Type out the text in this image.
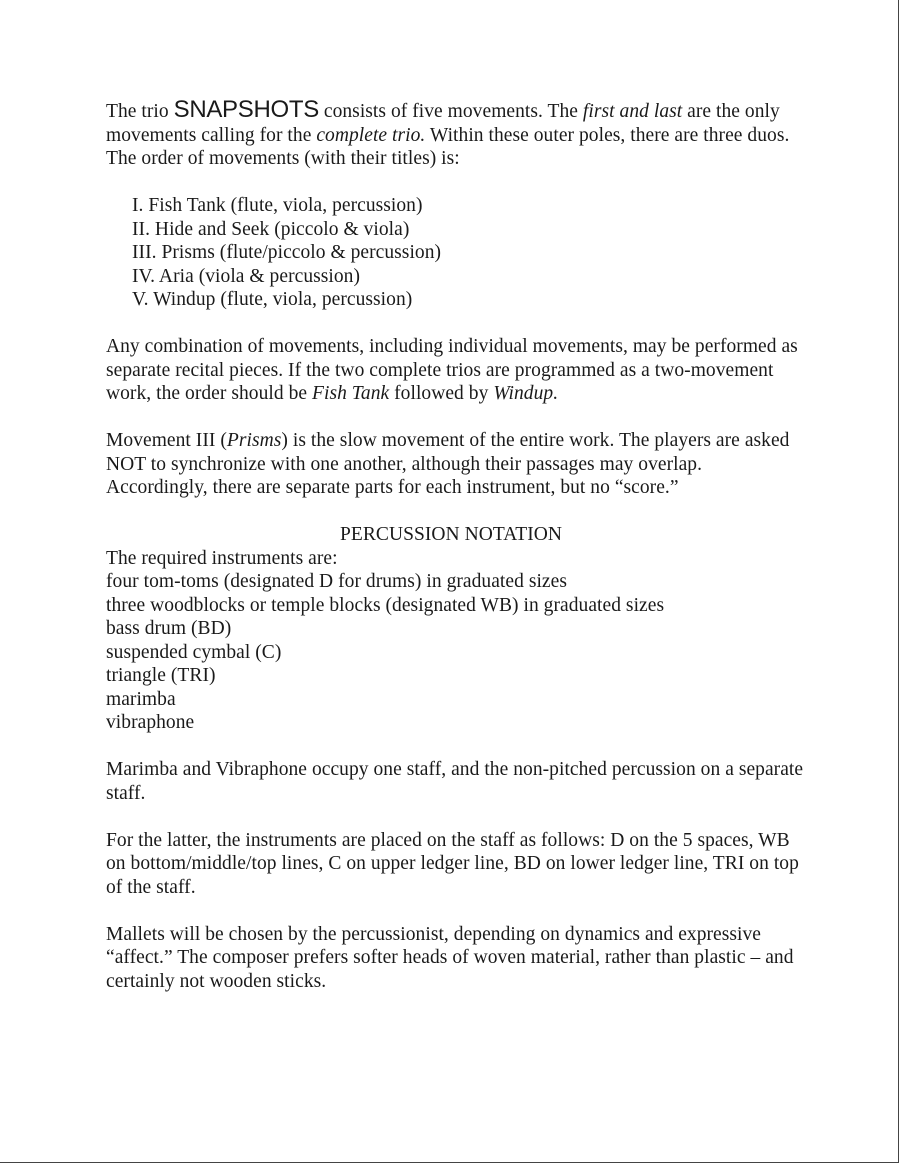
The trio SNAPSHOTS consists of five movements. The first and last are the only movements calling for the complete trio. Within these outer poles, there are three duos. The order of movements (with their titles) is:

I. Fish Tank (flute, viola, percussion)
II. Hide and Seek (piccolo & viola)
III. Prisms (flute/piccolo & percussion)
IV. Aria (viola & percussion)
V. Windup (flute, viola, percussion)

Any combination of movements, including individual movements, may be performed as separate recital pieces. If the two complete trios are programmed as a two-movement work, the order should be Fish Tank followed by Windup.

Movement III (Prisms) is the slow movement of the entire work. The players are asked NOT to synchronize with one another, although their passages may overlap. Accordingly, there are separate parts for each instrument, but no “score.”

PERCUSSION NOTATION

The required instruments are:

four tom-toms (designated D for drums) in graduated sizes

three woodblocks or temple blocks (designated WB) in graduated sizes

bass drum (BD)

suspended cymbal (C)

triangle (TRI)

marimba

vibraphone

Marimba and Vibraphone occupy one staff, and the non-pitched percussion on a separate staff.

For the latter, the instruments are placed on the staff as follows: D on the 5 spaces, WB on bottom/middle/top lines, C on upper ledger line, BD on lower ledger line, TRI on top of the staff.

Mallets will be chosen by the percussionist, depending on dynamics and expressive “affect.” The composer prefers softer heads of woven material, rather than plastic – and certainly not wooden sticks.
